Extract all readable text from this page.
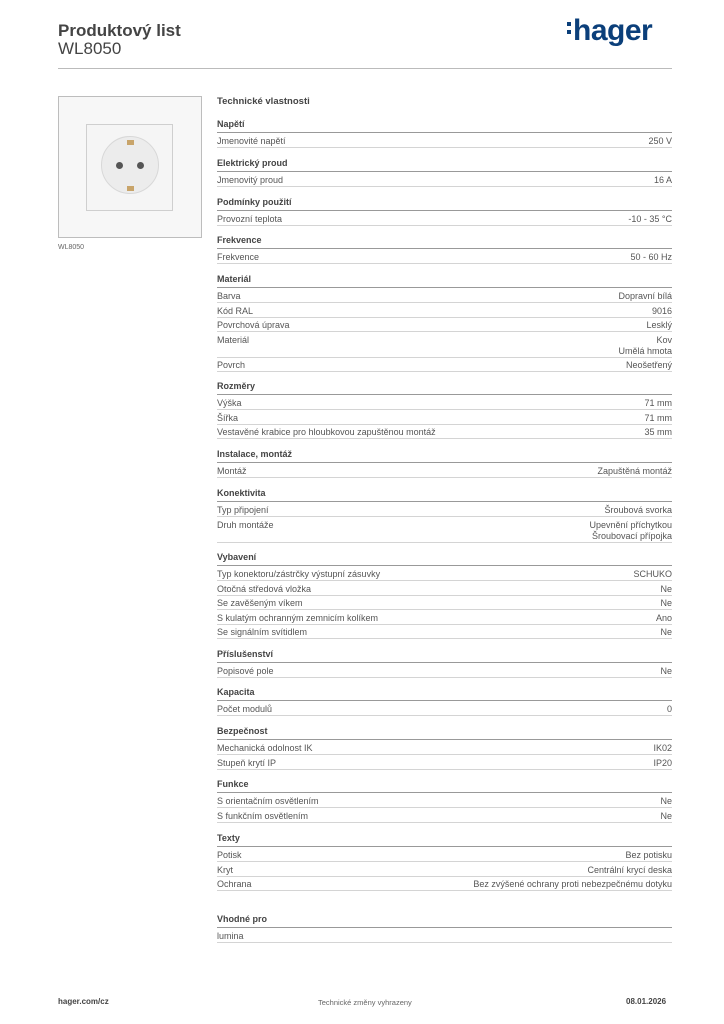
Produktový list
WL8050
hager
WL8050
Technické vlastnosti
Napětí
Jmenovité napětí	250 V
Elektrický proud
Jmenovitý proud	16 A
Podmínky použití
Provozní teplota	-10 - 35 °C
Frekvence
Frekvence	50 - 60 Hz
Materiál
Barva	Dopravní bílá
Kód RAL	9016
Povrchová úprava	Lesklý
Materiál	Kov
Umělá hmota
Povrch	Neošetřený
Rozměry
Výška	71 mm
Šířka	71 mm
Vestavěné krabice pro hloubkovou zapuštěnou montáž	35 mm
Instalace, montáž
Montáž	Zapuštěná montáž
Konektivita
Typ připojení	Šroubová svorka
Druh montáže	Upevnění příchytkou
Šroubovací přípojka
Vybavení
Typ konektoru/zástrčky výstupní zásuvky	SCHUKO
Otočná středová vložka	Ne
Se zavěšeným víkem	Ne
S kulatým ochranným zemnicím kolíkem	Ano
Se signálním svítidlem	Ne
Příslušenství
Popisové pole	Ne
Kapacita
Počet modulů	0
Bezpečnost
Mechanická odolnost IK	IK02
Stupeň krytí IP	IP20
Funkce
S orientačním osvětlením	Ne
S funkčním osvětlením	Ne
Texty
Potisk	Bez potisku
Kryt	Centrální krycí deska
Ochrana	Bez zvýšené ochrany proti nebezpečnému dotyku
Vhodné pro
lumina
hager.com/cz	Technické změny vyhrazeny	08.01.2026
